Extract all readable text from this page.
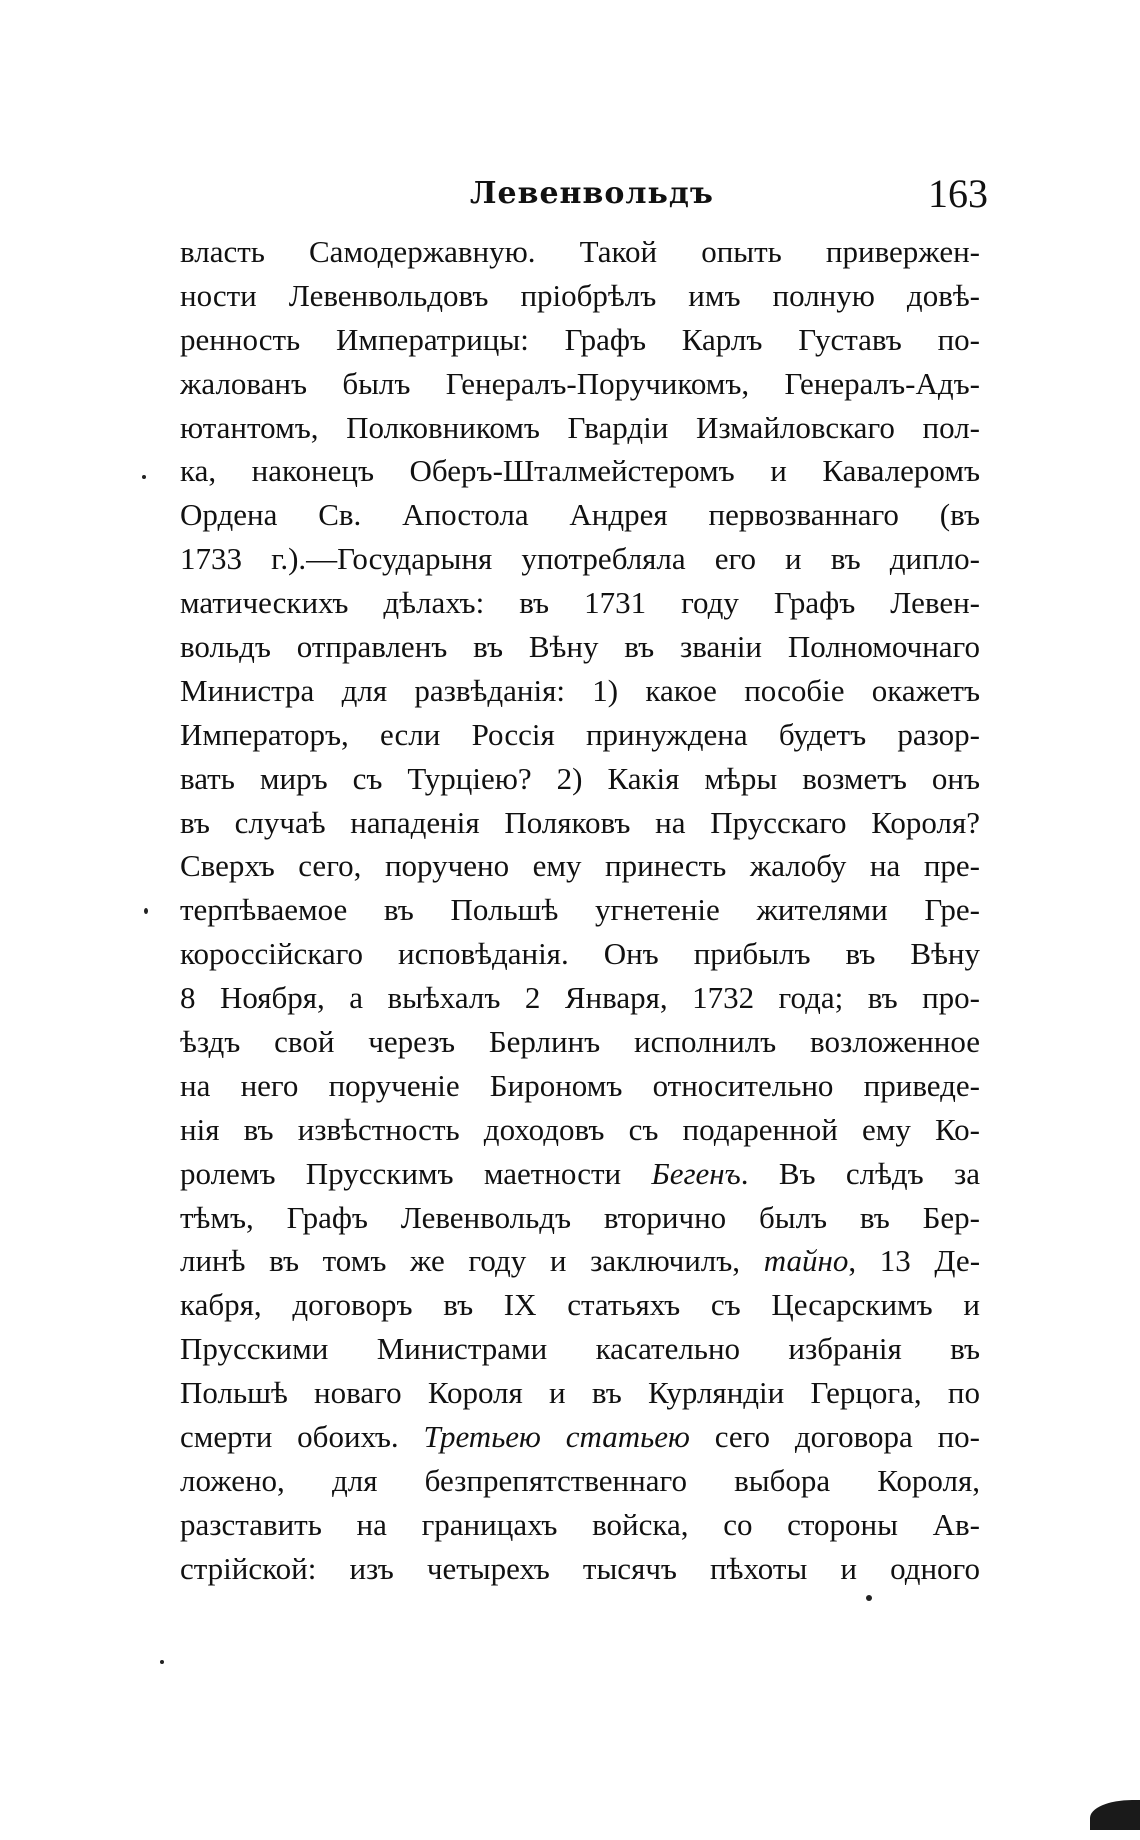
Левенвольдъ	163
власть Самодержавную. Такой опыть привержен-
ности Левенвольдовъ пріобрѣлъ имъ полную довѣ-
ренность Императрицы: Графъ Карлъ Густавъ по-
жалованъ былъ Генералъ-Поручикомъ, Генералъ-Адъ-
ютантомъ, Полковникомъ Гвардіи Измайловскаго пол-
ка, наконецъ Оберъ-Шталмейстеромъ и Кавалеромъ
Ордена Св. Апостола Андрея первозваннаго (въ
1733 г.).—Государыня употребляла его и въ дипло-
матическихъ дѣлахъ: въ 1731 году Графъ Левен-
вольдъ отправленъ въ Вѣну въ званіи Полномочнаго
Министра для развѣданія: 1) какое пособіе окажетъ
Императоръ, если Россія принуждена будетъ разор-
вать миръ съ Турціею? 2) Какія мѣры возметъ онъ
въ случаѣ нападенія Поляковъ на Прусскаго Короля?
Сверхъ сего, поручено ему принесть жалобу на пре-
терпѣваемое въ Польшѣ угнетеніе жителями Гре-
короссійскаго исповѣданія. Онъ прибылъ въ Вѣну
8 Ноября, а выѣхалъ 2 Января, 1732 года; въ про-
ѣздъ свой черезъ Берлинъ исполнилъ возложенное
на него порученіе Бирономъ относительно приведе-
нія въ извѣстность доходовъ съ подаренной ему Ко-
ролемъ Прусскимъ маетности Бегенъ. Въ слѣдъ за
тѣмъ, Графъ Левенвольдъ вторично былъ въ Бер-
линѣ въ томъ же году и заключилъ, тайно, 13 Де-
кабря, договоръ въ IX статьяхъ съ Цесарскимъ и
Прусскими Министрами касательно избранія въ
Польшѣ новаго Короля и въ Курляндіи Герцога, по
смерти обоихъ. Третьею статьею сего договора по-
ложено, для безпрепятственнаго выбора Короля,
разставить на границахъ войска, со стороны Ав-
стрійской: изъ четырехъ тысячъ пѣхоты и одного
